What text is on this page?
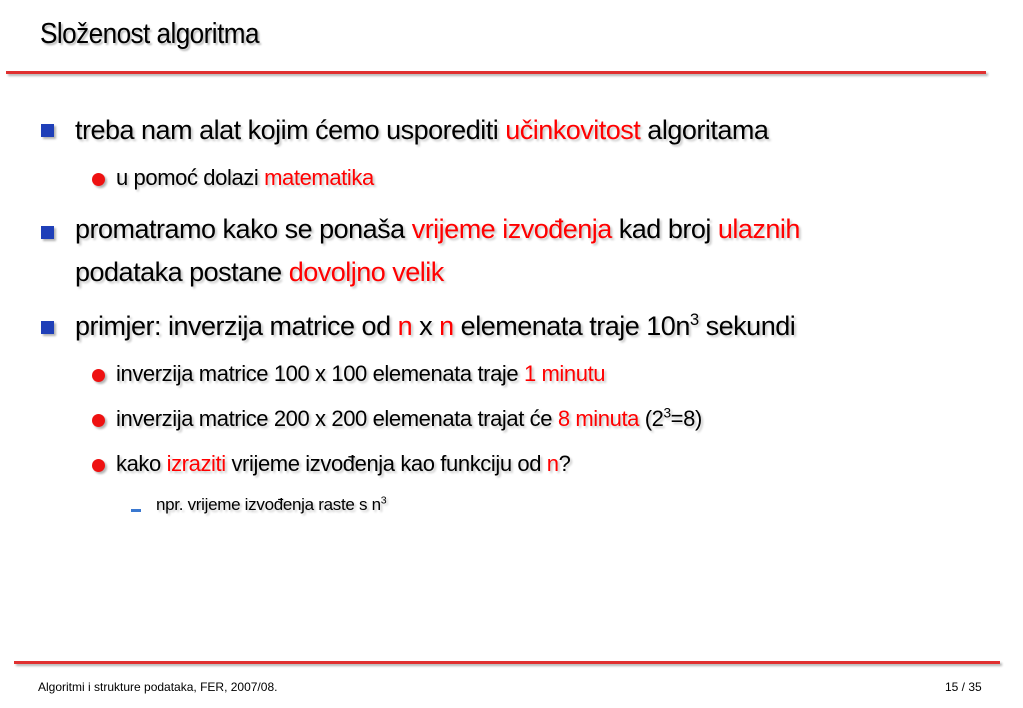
Složenost algoritma
treba nam alat kojim ćemo usporediti učinkovitost algoritama
u pomoć dolazi matematika
promatramo kako se ponaša vrijeme izvođenja kad broj ulaznih
podataka postane dovoljno velik
primjer: inverzija matrice od n x n elemenata traje $10n^3$ sekundi
inverzija matrice 100 x 100 elemenata traje 1 minutu
inverzija matrice 200 x 200 elemenata trajat će 8 minuta $(2^3=8)$
kako izraziti vrijeme izvođenja kao funkciju od n?
npr. vrijeme izvođenja raste s $n^3$
Algoritmi i strukture podataka, FER, 2007/08.	15 / 35
